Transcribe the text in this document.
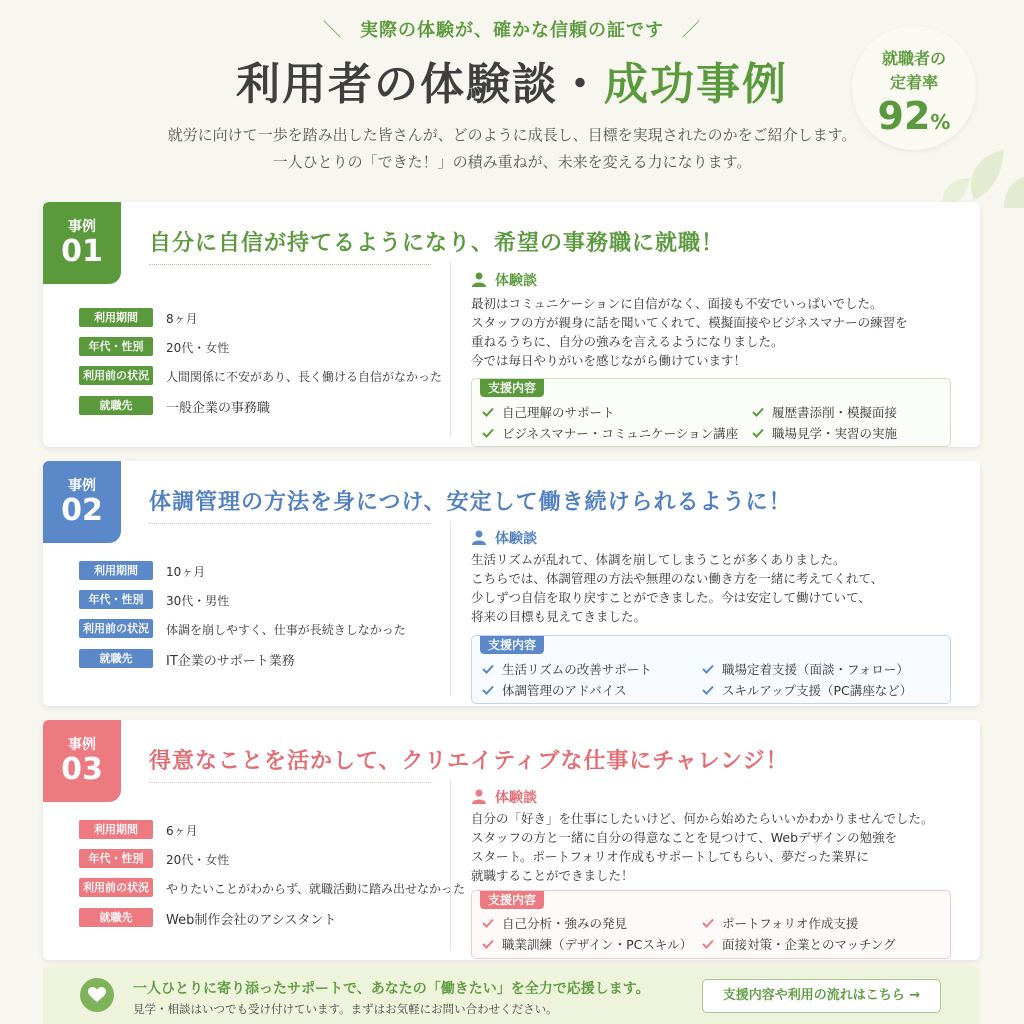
＼ 実際の体験が、確かな信頼の証です ／
利用者の体験談・成功事例
就労に向けて一歩を踏み出した皆さんが、どのように成長し、目標を実現されたのかをご紹介します。
一人ひとりの「できた！」の積み重ねが、未来を変える力になります。
就職者の
定着率
92%
事例
01	自分に自信が持てるようになり、希望の事務職に就職！
利用期間	8ヶ月
年代・性別	20代・女性
利用前の状況	人間関係に不安があり、長く働ける自信がなかった
就職先	一般企業の事務職
体験談
最初はコミュニケーションに自信がなく、面接も不安でいっぱいでした。
スタッフの方が親身に話を聞いてくれて、模擬面接やビジネスマナーの練習を
重ねるうちに、自分の強みを言えるようになりました。
今では毎日やりがいを感じながら働けています！
支援内容
自己理解のサポート	履歴書添削・模擬面接
ビジネスマナー・コミュニケーション講座	職場見学・実習の実施
事例
02	体調管理の方法を身につけ、安定して働き続けられるように！
利用期間	10ヶ月
年代・性別	30代・男性
利用前の状況	体調を崩しやすく、仕事が長続きしなかった
就職先	IT企業のサポート業務
体験談
生活リズムが乱れて、体調を崩してしまうことが多くありました。
こちらでは、体調管理の方法や無理のない働き方を一緒に考えてくれて、
少しずつ自信を取り戻すことができました。今は安定して働けていて、
将来の目標も見えてきました。
支援内容
生活リズムの改善サポート	職場定着支援（面談・フォロー）
体調管理のアドバイス	スキルアップ支援（PC講座など）
事例
03	得意なことを活かして、クリエイティブな仕事にチャレンジ！
利用期間	6ヶ月
年代・性別	20代・女性
利用前の状況	やりたいことがわからず、就職活動に踏み出せなかった
就職先	Web制作会社のアシスタント
体験談
自分の「好き」を仕事にしたいけど、何から始めたらいいかわかりませんでした。
スタッフの方と一緒に自分の得意なことを見つけて、Webデザインの勉強を
スタート。ポートフォリオ作成もサポートしてもらい、夢だった業界に
就職することができました！
支援内容
自己分析・強みの発見	ポートフォリオ作成支援
職業訓練（デザイン・PCスキル）	面接対策・企業とのマッチング
一人ひとりに寄り添ったサポートで、あなたの「働きたい」を全力で応援します。
見学・相談はいつでも受け付けています。まずはお気軽にお問い合わせください。
支援内容や利用の流れはこちら →
